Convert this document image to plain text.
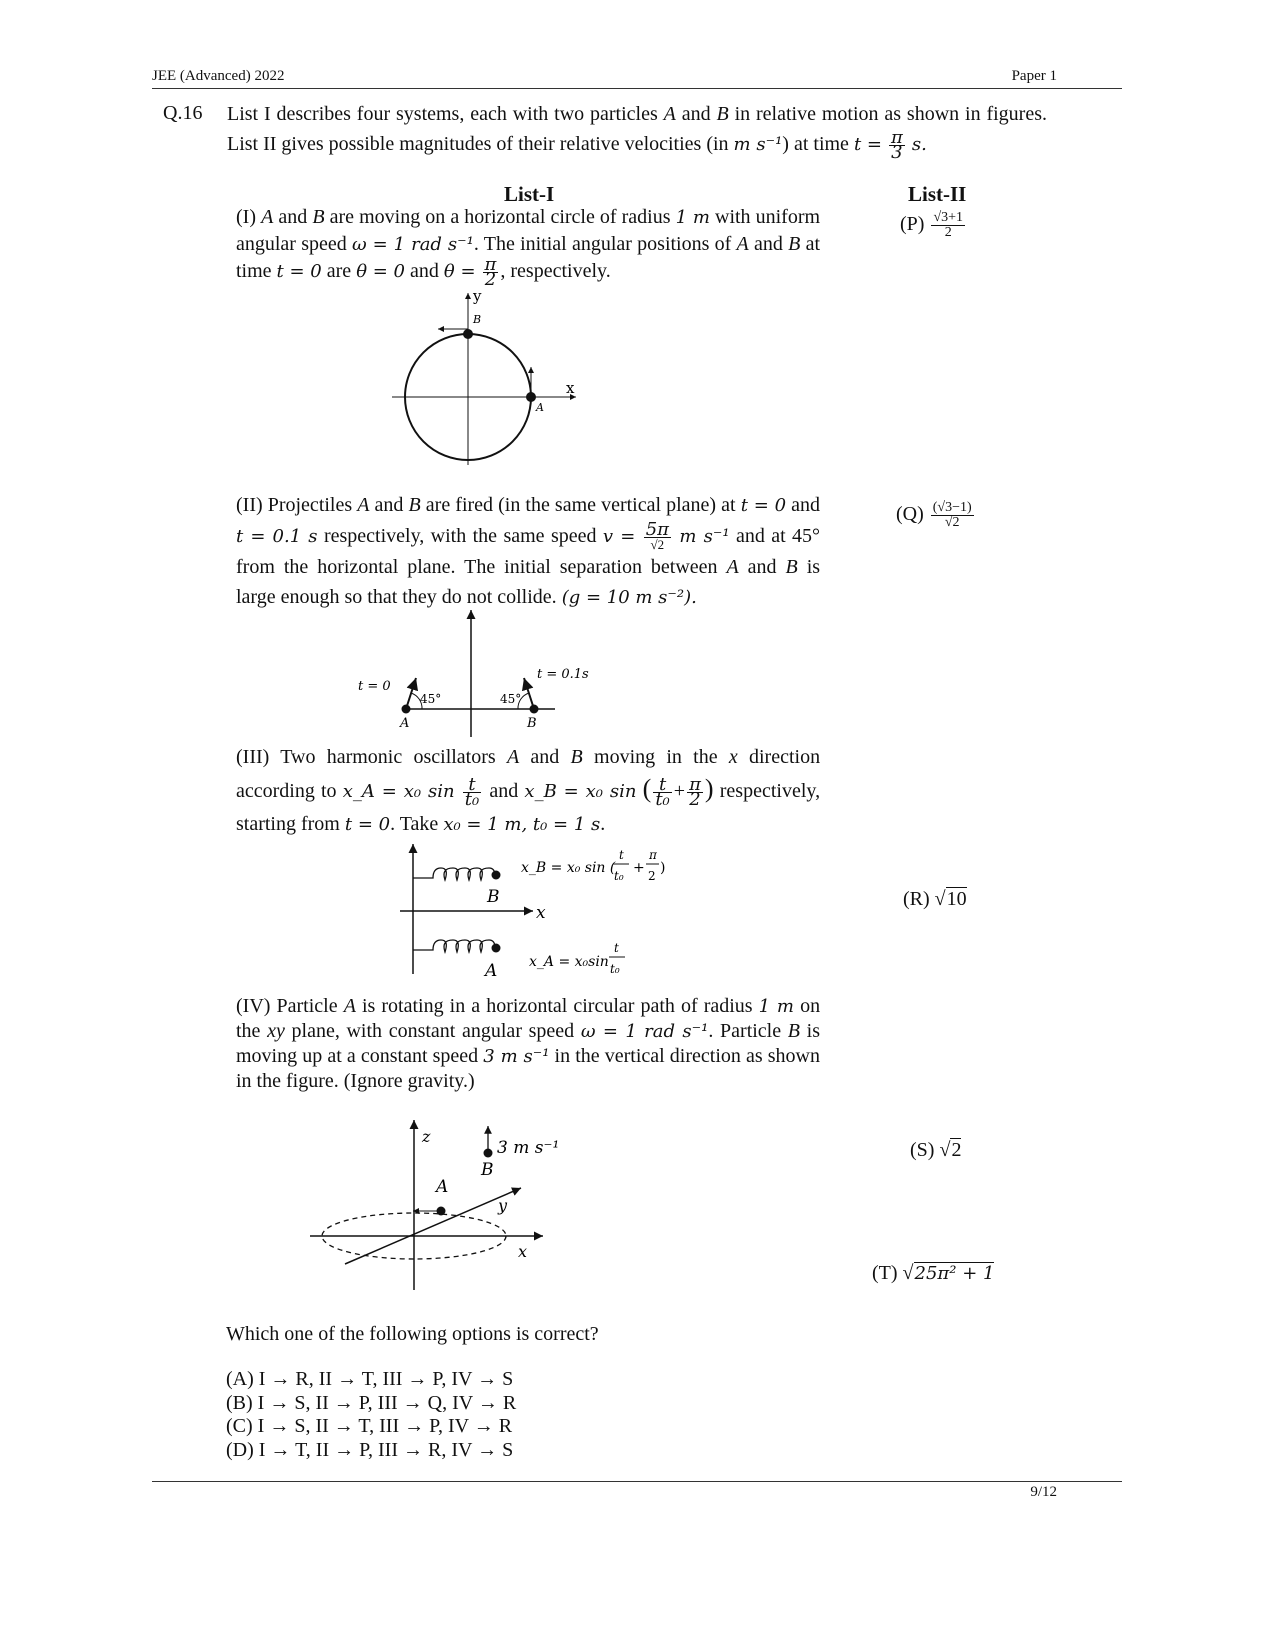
JEE (Advanced) 2022	Paper 1
Q.16 List I describes four systems, each with two particles A and B in relative motion as shown in figures. List II gives possible magnitudes of their relative velocities (in m s⁻¹) at time $t = \frac{\pi}{3} s$.
List-I	List-II
(I) A and B are moving on a horizontal circle of radius 1 m with uniform angular speed ω = 1 rad s⁻¹. The initial angular positions of A and B at time t = 0 are θ = 0 and $\theta = \frac{\pi}{2}$ , respectively.
$(P) \frac{√3+1}{2}$
y
x
B
A
(II) Projectiles A and B are fired (in the same vertical plane) at t = 0 and t = 0.1 s respectively, with the same speed $v = \frac{5\pi}{√2}$ m s⁻¹ and at 45° from the horizontal plane. The initial separation between A and B is large enough so that they do not collide. (g = 10 m s⁻²).
$(Q) \frac{(√3-1)}{√2}$
t = 0
t = 0.1s
45°	45°
A	B
(III) Two harmonic oscillators A and B moving in the x direction according to x_A = x₀ $\sin \frac{t}{\text{t₀}}$ and x_B = x₀ sin ( $\frac{t}{\text{t₀}} + \frac{\pi}{2}$ ) respectively, starting from t = 0. Take x₀ = 1 m, t₀ = 1 s.
B
A
x
x_B = x₀ sin (
t
t₀ +
π
2 )
x_A = x₀sin
t
t₀
(R) √10
(IV) Particle A is rotating in a horizontal circular path of radius 1 m on the xy plane, with constant angular speed ω = 1 rad s⁻¹. Particle B is moving up at a constant speed 3 m s⁻¹ in the vertical direction as shown in the figure. (Ignore gravity.)
z
y
x
A
B
3 m s⁻¹	(S) √2
(T) √25π² + 1
Which one of the following options is correct?
(A) I → R, II → T, III → P, IV → S
(B) I → S, II → P, III → Q, IV → R
(C) I → S, II → T, III → P, IV → R
(D) I → T, II → P, III → R, IV → S
9/12
